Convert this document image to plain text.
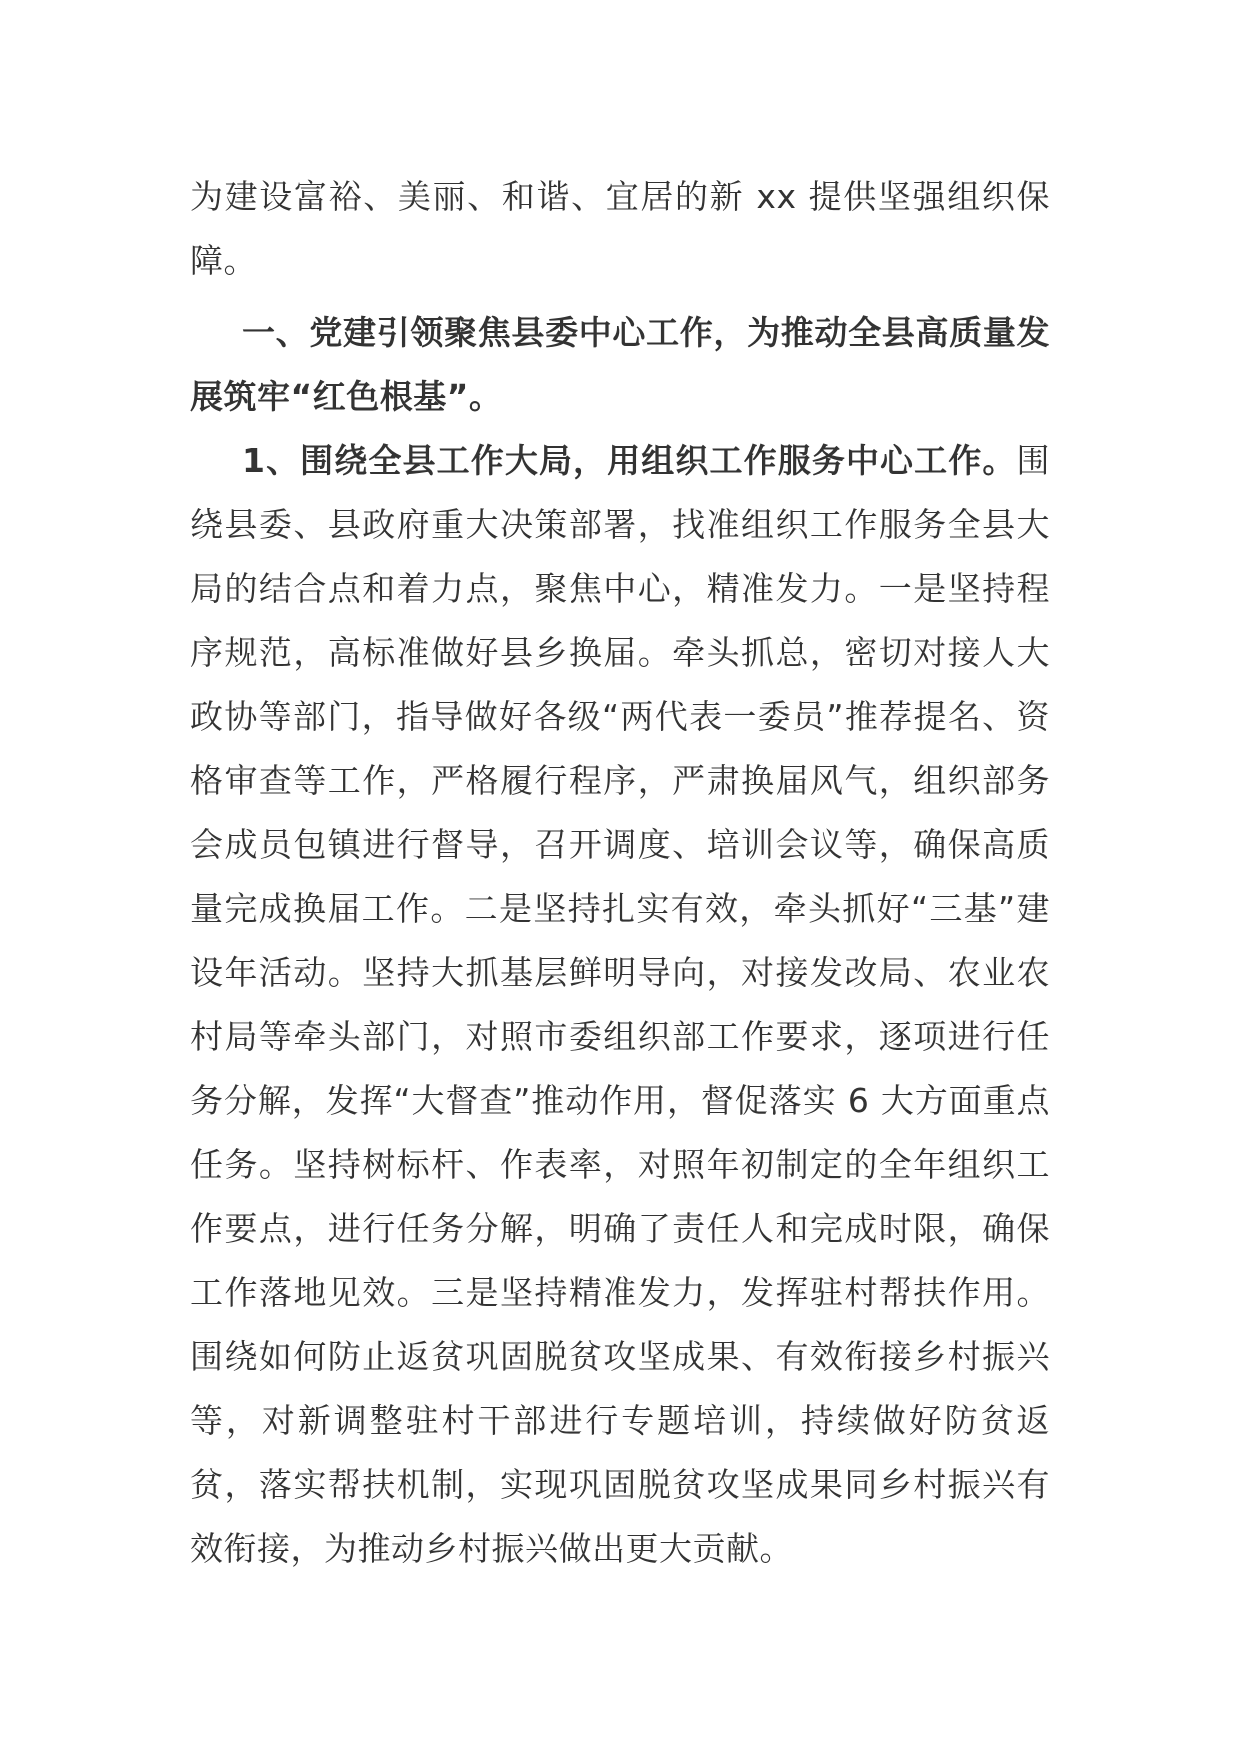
为建设富裕、美丽、和谐、宜居的新 xx 提供坚强组织保障。

一、党建引领聚焦县委中心工作，为推动全县高质量发展筑牢“红色根基”。

1、围绕全县工作大局，用组织工作服务中心工作。围绕县委、县政府重大决策部署，找准组织工作服务全县大局的结合点和着力点，聚焦中心，精准发力。一是坚持程序规范，高标准做好县乡换届。牵头抓总，密切对接人大政协等部门，指导做好各级“两代表一委员”推荐提名、资格审查等工作，严格履行程序，严肃换届风气，组织部务会成员包镇进行督导，召开调度、培训会议等，确保高质量完成换届工作。二是坚持扎实有效，牵头抓好“三基”建设年活动。坚持大抓基层鲜明导向，对接发改局、农业农村局等牵头部门，对照市委组织部工作要求，逐项进行任务分解，发挥“大督查”推动作用，督促落实 6 大方面重点任务。坚持树标杆、作表率，对照年初制定的全年组织工作要点，进行任务分解，明确了责任人和完成时限，确保工作落地见效。三是坚持精准发力，发挥驻村帮扶作用。围绕如何防止返贫巩固脱贫攻坚成果、有效衔接乡村振兴等，对新调整驻村干部进行专题培训，持续做好防贫返贫，落实帮扶机制，实现巩固脱贫攻坚成果同乡村振兴有效衔接，为推动乡村振兴做出更大贡献。
